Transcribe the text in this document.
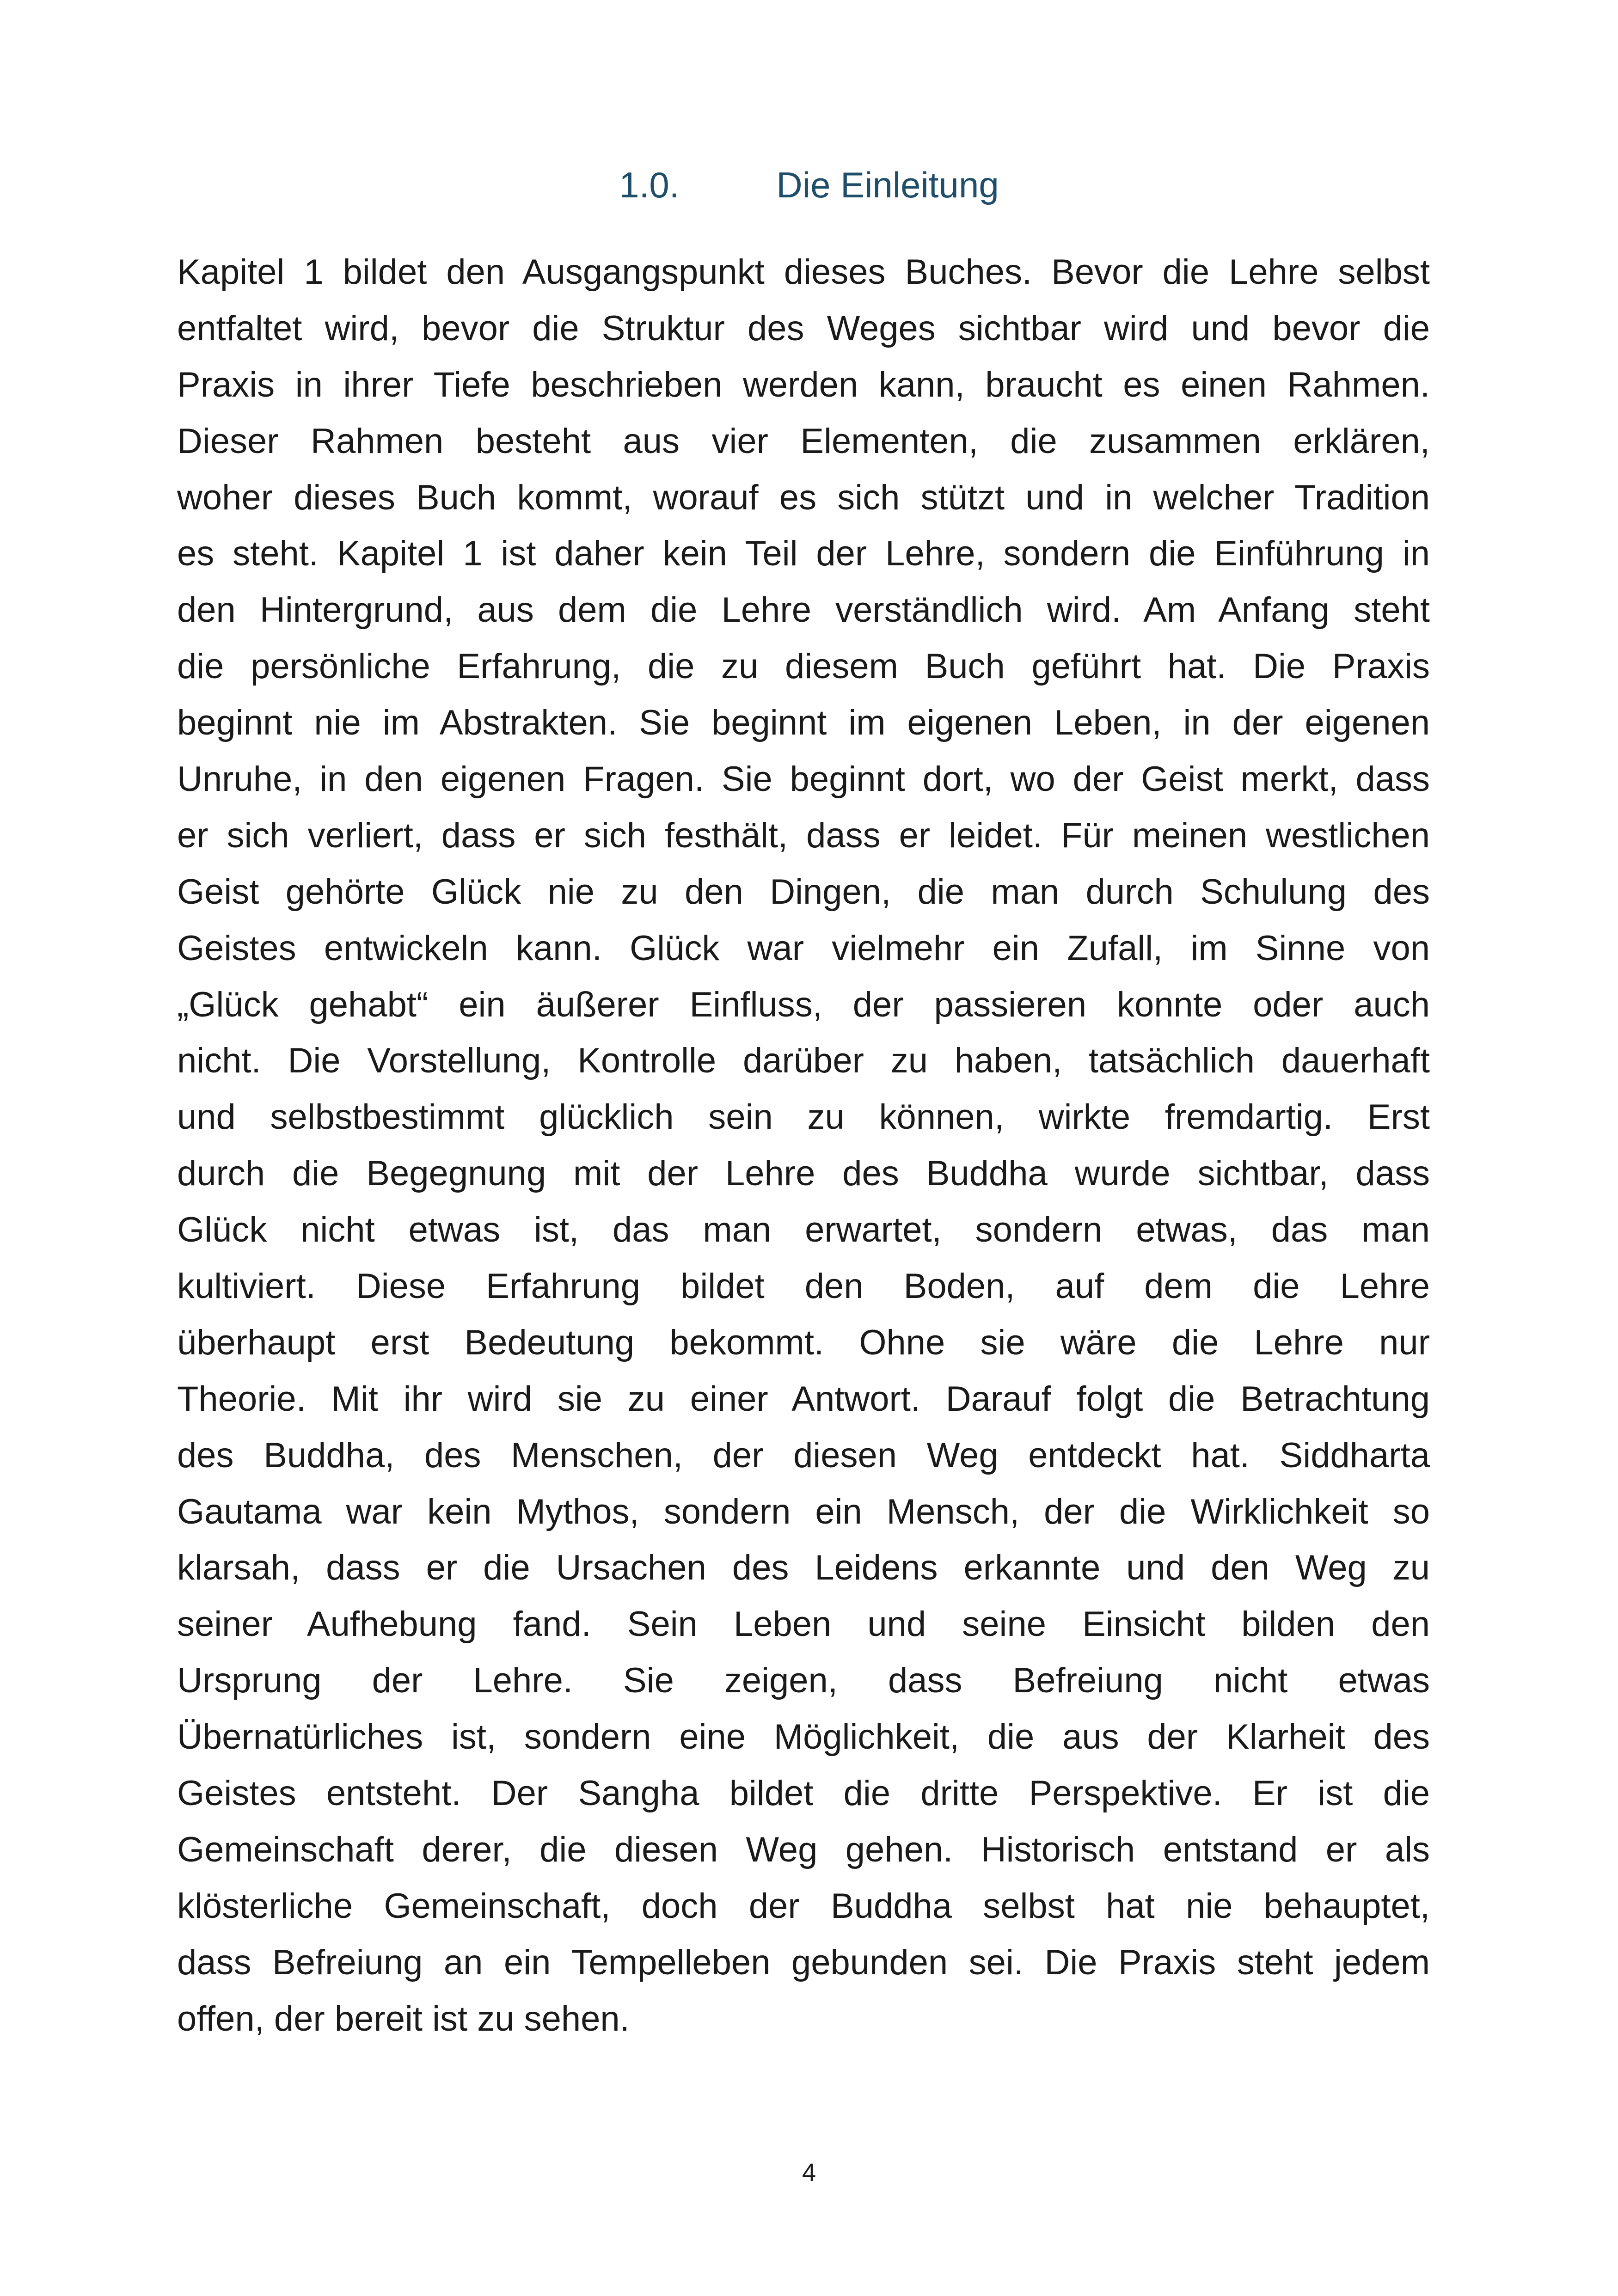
1.0.	Die Einleitung
Kapitel 1 bildet den Ausgangspunkt dieses Buches. Bevor die Lehre selbst
entfaltet wird, bevor die Struktur des Weges sichtbar wird und bevor die
Praxis in ihrer Tiefe beschrieben werden kann, braucht es einen Rahmen.
Dieser Rahmen besteht aus vier Elementen, die zusammen erklären,
woher dieses Buch kommt, worauf es sich stützt und in welcher Tradition
es steht. Kapitel 1 ist daher kein Teil der Lehre, sondern die Einführung in
den Hintergrund, aus dem die Lehre verständlich wird. Am Anfang steht
die persönliche Erfahrung, die zu diesem Buch geführt hat. Die Praxis
beginnt nie im Abstrakten. Sie beginnt im eigenen Leben, in der eigenen
Unruhe, in den eigenen Fragen. Sie beginnt dort, wo der Geist merkt, dass
er sich verliert, dass er sich festhält, dass er leidet. Für meinen westlichen
Geist gehörte Glück nie zu den Dingen, die man durch Schulung des
Geistes entwickeln kann. Glück war vielmehr ein Zufall, im Sinne von
„Glück gehabt“ ein äußerer Einfluss, der passieren konnte oder auch
nicht. Die Vorstellung, Kontrolle darüber zu haben, tatsächlich dauerhaft
und selbstbestimmt glücklich sein zu können, wirkte fremdartig. Erst
durch die Begegnung mit der Lehre des Buddha wurde sichtbar, dass
Glück nicht etwas ist, das man erwartet, sondern etwas, das man
kultiviert. Diese Erfahrung bildet den Boden, auf dem die Lehre
überhaupt erst Bedeutung bekommt. Ohne sie wäre die Lehre nur
Theorie. Mit ihr wird sie zu einer Antwort. Darauf folgt die Betrachtung
des Buddha, des Menschen, der diesen Weg entdeckt hat. Siddharta
Gautama war kein Mythos, sondern ein Mensch, der die Wirklichkeit so
klarsah, dass er die Ursachen des Leidens erkannte und den Weg zu
seiner Aufhebung fand. Sein Leben und seine Einsicht bilden den
Ursprung der Lehre. Sie zeigen, dass Befreiung nicht etwas
Übernatürliches ist, sondern eine Möglichkeit, die aus der Klarheit des
Geistes entsteht. Der Sangha bildet die dritte Perspektive. Er ist die
Gemeinschaft derer, die diesen Weg gehen. Historisch entstand er als
klösterliche Gemeinschaft, doch der Buddha selbst hat nie behauptet,
dass Befreiung an ein Tempelleben gebunden sei. Die Praxis steht jedem
offen, der bereit ist zu sehen.
4
